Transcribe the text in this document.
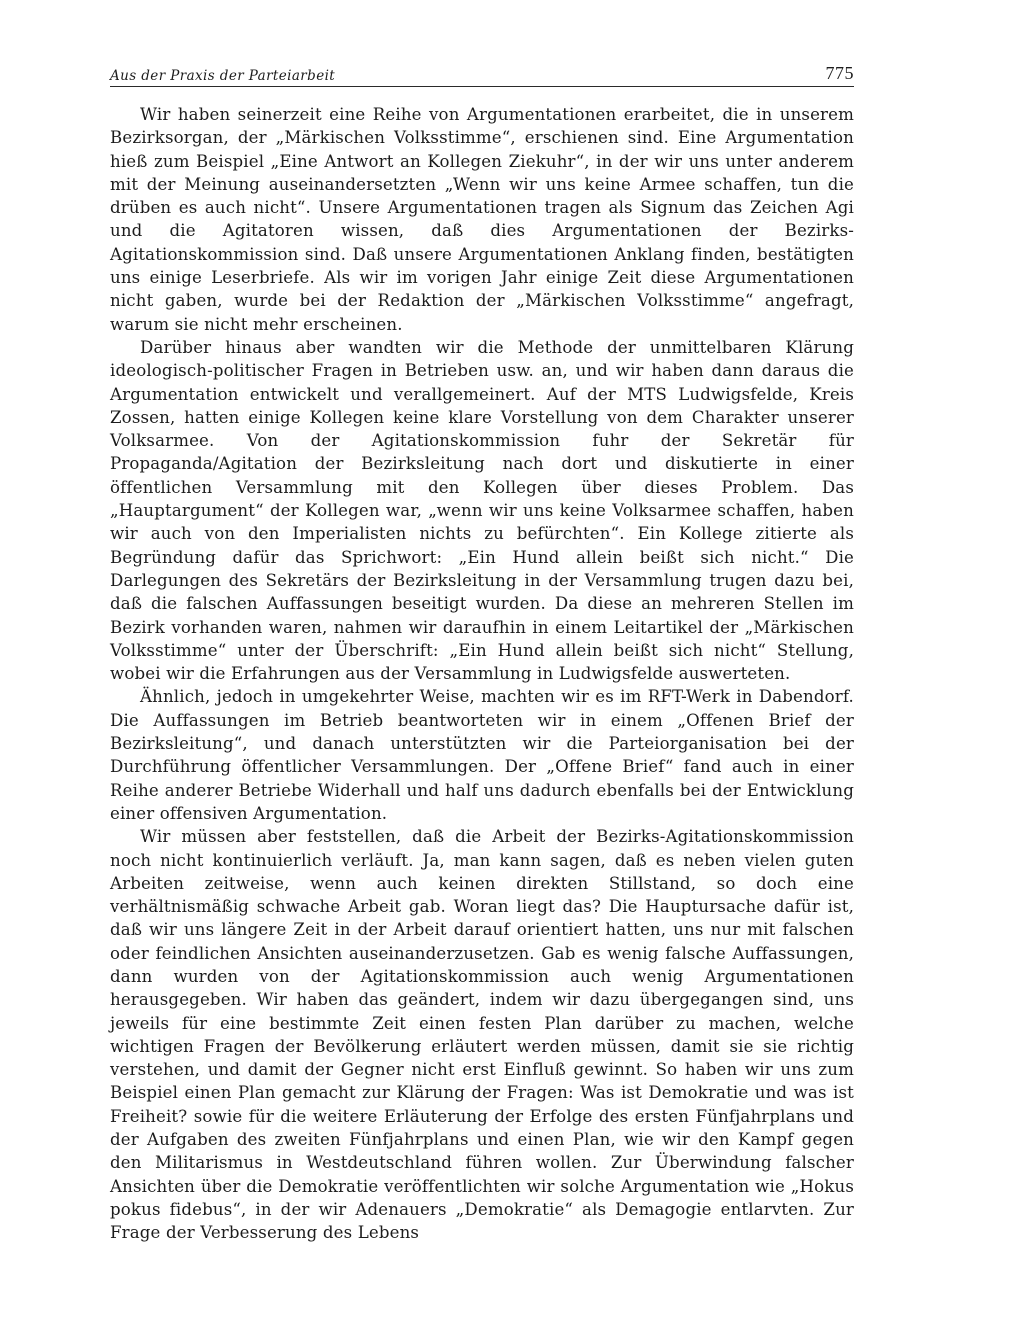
Aus der Praxis der Parteiarbeit	775

Wir haben seinerzeit eine Reihe von Argumentationen erarbeitet, die in unserem Bezirksorgan, der „Märkischen Volksstimme“, erschienen sind. Eine Argumentation hieß zum Beispiel „Eine Antwort an Kollegen Ziekuhr“, in der wir uns unter anderem mit der Meinung auseinandersetzten „Wenn wir uns keine Armee schaffen, tun die drüben es auch nicht“. Unsere Argumentationen tragen als Signum das Zeichen Agi und die Agitatoren wissen, daß dies Argumentationen der Bezirks-Agitationskommission sind. Daß unsere Argumentationen Anklang finden, bestätigten uns einige Leserbriefe. Als wir im vorigen Jahr einige Zeit diese Argumentationen nicht gaben, wurde bei der Redaktion der „Märkischen Volksstimme“ angefragt, warum sie nicht mehr erscheinen.

Darüber hinaus aber wandten wir die Methode der unmittelbaren Klärung ideologisch-politischer Fragen in Betrieben usw. an, und wir haben dann daraus die Argumentation entwickelt und verallgemeinert. Auf der MTS Ludwigsfelde, Kreis Zossen, hatten einige Kollegen keine klare Vorstellung von dem Charakter unserer Volksarmee. Von der Agitationskommission fuhr der Sekretär für Propaganda/Agitation der Bezirksleitung nach dort und diskutierte in einer öffentlichen Versammlung mit den Kollegen über dieses Problem. Das „Hauptargument“ der Kollegen war, „wenn wir uns keine Volksarmee schaffen, haben wir auch von den Imperialisten nichts zu befürchten“. Ein Kollege zitierte als Begründung dafür das Sprichwort: „Ein Hund allein beißt sich nicht.“ Die Darlegungen des Sekretärs der Bezirksleitung in der Versammlung trugen dazu bei, daß die falschen Auffassungen beseitigt wurden. Da diese an mehreren Stellen im Bezirk vorhanden waren, nahmen wir daraufhin in einem Leitartikel der „Märkischen Volksstimme“ unter der Überschrift: „Ein Hund allein beißt sich nicht“ Stellung, wobei wir die Erfahrungen aus der Versammlung in Ludwigsfelde auswerteten.

Ähnlich, jedoch in umgekehrter Weise, machten wir es im RFT-Werk in Dabendorf. Die Auffassungen im Betrieb beantworteten wir in einem „Offenen Brief der Bezirksleitung“, und danach unterstützten wir die Parteiorganisation bei der Durchführung öffentlicher Versammlungen. Der „Offene Brief“ fand auch in einer Reihe anderer Betriebe Widerhall und half uns dadurch ebenfalls bei der Entwicklung einer offensiven Argumentation.

Wir müssen aber feststellen, daß die Arbeit der Bezirks-Agitationskommission noch nicht kontinuierlich verläuft. Ja, man kann sagen, daß es neben vielen guten Arbeiten zeitweise, wenn auch keinen direkten Stillstand, so doch eine verhältnismäßig schwache Arbeit gab. Woran liegt das? Die Hauptursache dafür ist, daß wir uns längere Zeit in der Arbeit darauf orientiert hatten, uns nur mit falschen oder feindlichen Ansichten auseinanderzusetzen. Gab es wenig falsche Auffassungen, dann wurden von der Agitationskommission auch wenig Argumentationen herausgegeben. Wir haben das geändert, indem wir dazu übergegangen sind, uns jeweils für eine bestimmte Zeit einen festen Plan darüber zu machen, welche wichtigen Fragen der Bevölkerung erläutert werden müssen, damit sie sie richtig verstehen, und damit der Gegner nicht erst Einfluß gewinnt. So haben wir uns zum Beispiel einen Plan gemacht zur Klärung der Fragen: Was ist Demokratie und was ist Freiheit? sowie für die weitere Erläuterung der Erfolge des ersten Fünfjahrplans und der Aufgaben des zweiten Fünfjahrplans und einen Plan, wie wir den Kampf gegen den Militarismus in Westdeutschland führen wollen. Zur Überwindung falscher Ansichten über die Demokratie veröffentlichten wir solche Argumentation wie „Hokus pokus fidebus“, in der wir Adenauers „Demokratie“ als Demagogie entlarvten. Zur Frage der Verbesserung des Lebens
